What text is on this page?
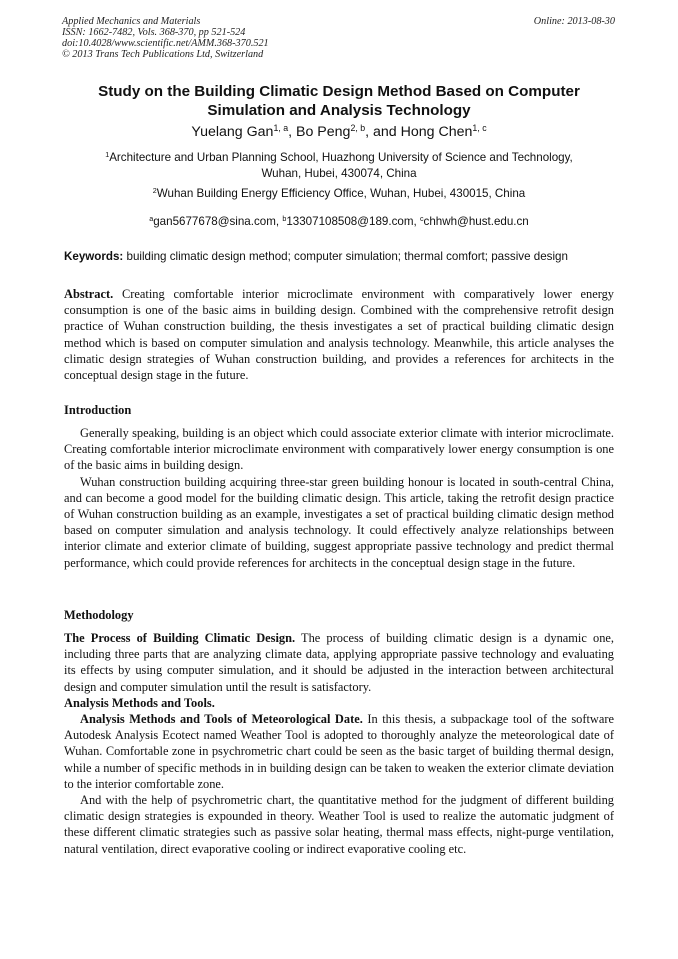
Applied Mechanics and Materials
ISSN: 1662-7482, Vols. 368-370, pp 521-524
doi:10.4028/www.scientific.net/AMM.368-370.521
© 2013 Trans Tech Publications Ltd, Switzerland
Online: 2013-08-30
Study on the Building Climatic Design Method Based on Computer
Simulation and Analysis Technology
Yuelang Gan$^{1, a}$, Bo Peng$^{2, b}$, and Hong Chen$^{1, c}$
$^1$Architecture and Urban Planning School, Huazhong University of Science and Technology,
Wuhan, Hubei, 430074, China
$^2$Wuhan Building Energy Efficiency Office, Wuhan, Hubei, 430015, China
$^a$gan5677678@sina.com, $^b$13307108508@189.com, $^c$chhwh@hust.edu.cn
Keywords: building climatic design method; computer simulation; thermal comfort; passive design

Abstract. Creating comfortable interior microclimate environment with comparatively lower energy consumption is one of the basic aims in building design. Combined with the comprehensive retrofit design practice of Wuhan construction building, the thesis investigates a set of practical building climatic design method which is based on computer simulation and analysis technology. Meanwhile, this article analyses the climatic design strategies of Wuhan construction building, and provides a references for architects in the conceptual design stage in the future.

Introduction

Generally speaking, building is an object which could associate exterior climate with interior microclimate. Creating comfortable interior microclimate environment with comparatively lower energy consumption is one of the basic aims in building design.

Wuhan construction building acquiring three-star green building honour is located in south-central China, and can become a good model for the building climatic design. This article, taking the retrofit design practice of Wuhan construction building as an example, investigates a set of practical building climatic design method based on computer simulation and analysis technology. It could effectively analyze relationships between interior climate and exterior climate of building, suggest appropriate passive technology and predict thermal performance, which could provide references for architects in the conceptual design stage in the future.

Methodology

The Process of Building Climatic Design. The process of building climatic design is a dynamic one, including three parts that are analyzing climate data, applying appropriate passive technology and evaluating its effects by using computer simulation, and it should be adjusted in the interaction between architectural design and computer simulation until the result is satisfactory.

Analysis Methods and Tools.

Analysis Methods and Tools of Meteorological Date. In this thesis, a subpackage tool of the software Autodesk Analysis Ecotect named Weather Tool is adopted to thoroughly analyze the meteorological date of Wuhan. Comfortable zone in psychrometric chart could be seen as the basic target of building thermal design, while a number of specific methods in in building design can be taken to weaken the exterior climate deviation to the interior comfortable zone.

And with the help of psychrometric chart, the quantitative method for the judgment of different building climatic design strategies is expounded in theory. Weather Tool is used to realize the automatic judgment of these different climatic strategies such as passive solar heating, thermal mass effects, night-purge ventilation, natural ventilation, direct evaporative cooling or indirect evaporative cooling etc.
